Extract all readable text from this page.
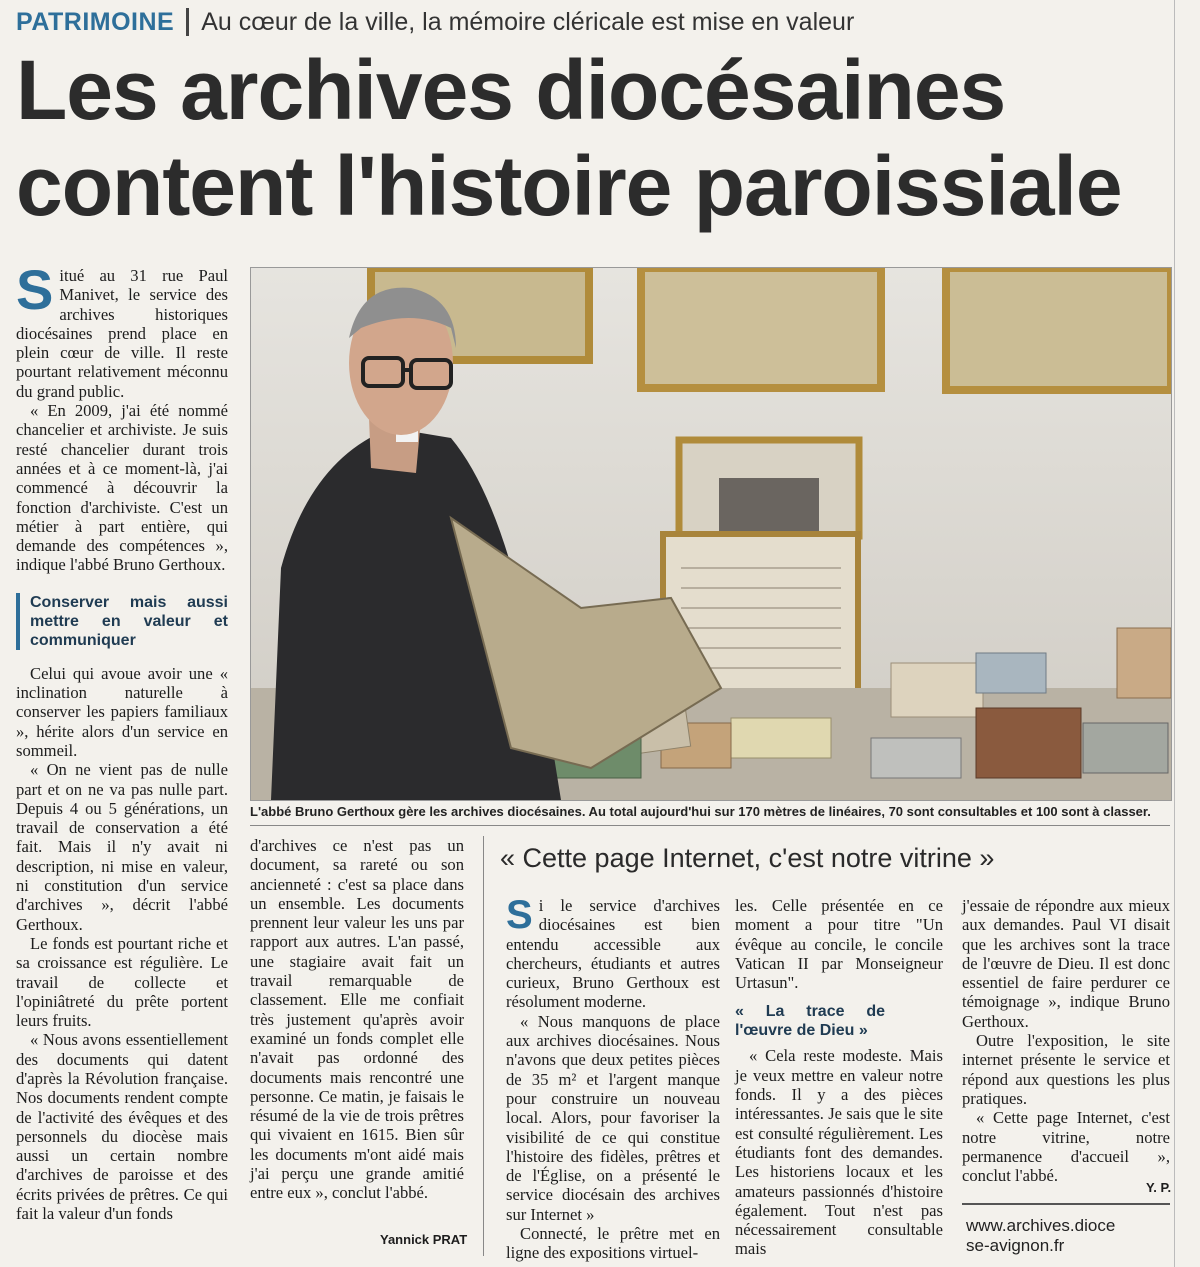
PATRIMOINE Au cœur de la ville, la mémoire cléricale est mise en valeur
Les archives diocésaines
content l'histoire paroissiale

Situé au 31 rue Paul Manivet, le service des archives historiques diocésaines prend place en plein cœur de ville. Il reste pourtant relativement méconnu du grand public.

« En 2009, j'ai été nommé chancelier et archiviste. Je suis resté chancelier durant trois années et à ce moment-là, j'ai commencé à découvrir la fonction d'archiviste. C'est un métier à part entière, qui demande des compétences », indique l'abbé Bruno Gerthoux.

Conserver mais aussi mettre en valeur et communiquer

Celui qui avoue avoir une « inclination naturelle à conserver les papiers familiaux », hérite alors d'un service en sommeil.

« On ne vient pas de nulle part et on ne va pas nulle part. Depuis 4 ou 5 générations, un travail de conservation a été fait. Mais il n'y avait ni description, ni mise en valeur, ni constitution d'un service d'archives », décrit l'abbé Gerthoux.

Le fonds est pourtant riche et sa croissance est régulière. Le travail de collecte et l'opiniâtreté du prête portent leurs fruits.

« Nous avons essentiellement des documents qui datent d'après la Révolution française. Nos documents rendent compte de l'activité des évêques et des personnels du diocèse mais aussi un certain nombre d'archives de paroisse et des écrits privées de prêtres. Ce qui fait la valeur d'un fonds

L'abbé Bruno Gerthoux gère les archives diocésaines. Au total aujourd'hui sur 170 mètres de linéaires, 70 sont consultables et 100 sont à classer.

d'archives ce n'est pas un document, sa rareté ou son ancienneté : c'est sa place dans un ensemble. Les documents prennent leur valeur les uns par rapport aux autres. L'an passé, une stagiaire avait fait un travail remarquable de classement. Elle me confiait très justement qu'après avoir examiné un fonds complet elle n'avait pas ordonné des documents mais rencontré une personne. Ce matin, je faisais le résumé de la vie de trois prêtres qui vivaient en 1615. Bien sûr les documents m'ont aidé mais j'ai perçu une grande amitié entre eux », conclut l'abbé.

Yannick PRAT
« Cette page Internet, c'est notre vitrine »

Si le service d'archives diocésaines est bien entendu accessible aux chercheurs, étudiants et autres curieux, Bruno Gerthoux est résolument moderne.

« Nous manquons de place aux archives diocésaines. Nous n'avons que deux petites pièces de 35 m² et l'argent manque pour construire un nouveau local. Alors, pour favoriser la visibilité de ce qui constitue l'histoire des fidèles, prêtres et de l'Église, on a présenté le service diocésain des archives sur Internet »

Connecté, le prêtre met en ligne des expositions virtuel-

les. Celle présentée en ce moment a pour titre "Un évêque au concile, le concile Vatican II par Monseigneur Urtasun".

« La trace de l'œuvre de Dieu »

« Cela reste modeste. Mais je veux mettre en valeur notre fonds. Il y a des pièces intéressantes. Je sais que le site est consulté régulièrement. Les étudiants font des demandes. Les historiens locaux et les amateurs passionnés d'histoire également. Tout n'est pas nécessairement consultable mais

j'essaie de répondre aux mieux aux demandes. Paul VI disait que les archives sont la trace de l'œuvre de Dieu. Il est donc essentiel de faire perdurer ce témoignage », indique Bruno Gerthoux.

Outre l'exposition, le site internet présente le service et répond aux questions les plus pratiques.

« Cette page Internet, c'est notre vitrine, notre permanence d'accueil », conclut l'abbé.

Y. P.
www.archives.diocese-avignon.fr
